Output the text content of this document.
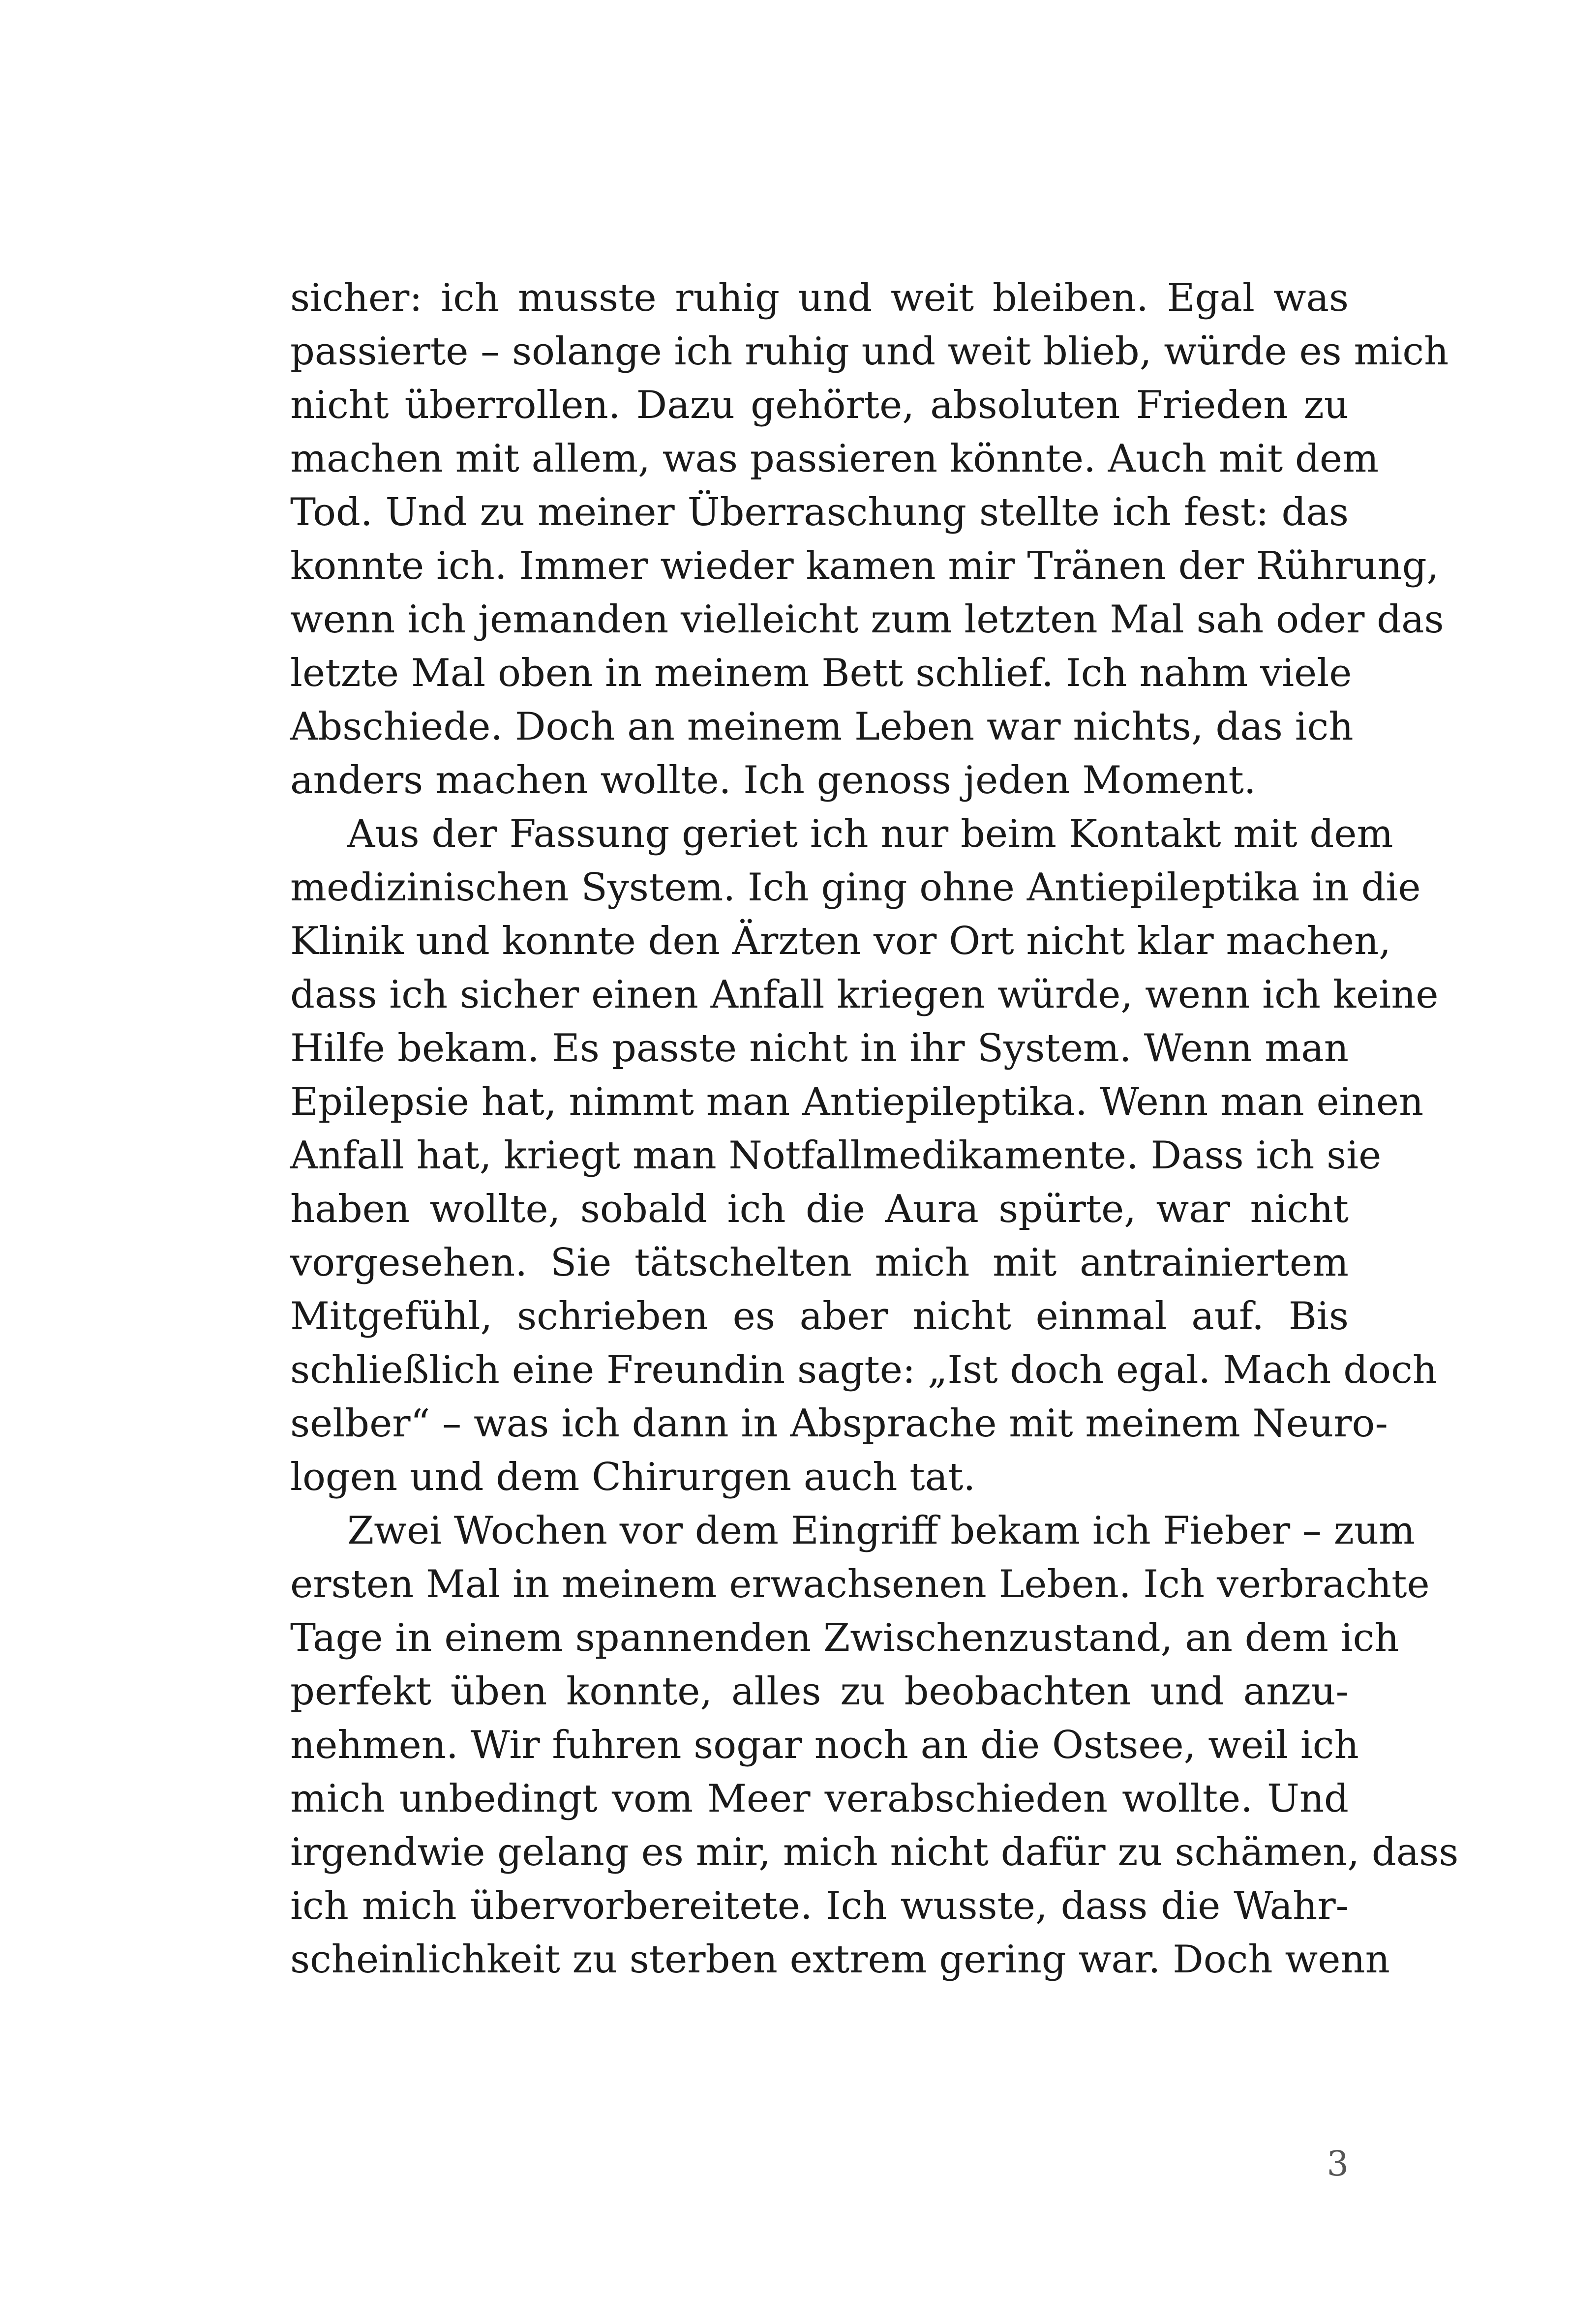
sicher: ich musste ruhig und weit bleiben. Egal was
passierte – solange ich ruhig und weit blieb, würde es mich
nicht überrollen. Dazu gehörte, absoluten Frieden zu
machen mit allem, was passieren könnte. Auch mit dem
Tod. Und zu meiner Überraschung stellte ich fest: das
konnte ich. Immer wieder kamen mir Tränen der Rührung,
wenn ich jemanden vielleicht zum letzten Mal sah oder das
letzte Mal oben in meinem Bett schlief. Ich nahm viele
Abschiede. Doch an meinem Leben war nichts, das ich
anders machen wollte. Ich genoss jeden Moment.
Aus der Fassung geriet ich nur beim Kontakt mit dem
medizinischen System. Ich ging ohne Antiepileptika in die
Klinik und konnte den Ärzten vor Ort nicht klar machen,
dass ich sicher einen Anfall kriegen würde, wenn ich keine
Hilfe bekam. Es passte nicht in ihr System. Wenn man
Epilepsie hat, nimmt man Antiepileptika. Wenn man einen
Anfall hat, kriegt man Notfallmedikamente. Dass ich sie
haben wollte, sobald ich die Aura spürte, war nicht
vorgesehen. Sie tätschelten mich mit antrainiertem
Mitgefühl, schrieben es aber nicht einmal auf. Bis
schließlich eine Freundin sagte: „Ist doch egal. Mach doch
selber“ – was ich dann in Absprache mit meinem Neuro-
logen und dem Chirurgen auch tat.
Zwei Wochen vor dem Eingriff bekam ich Fieber – zum
ersten Mal in meinem erwachsenen Leben. Ich verbrachte
Tage in einem spannenden Zwischenzustand, an dem ich
perfekt üben konnte, alles zu beobachten und anzu-
nehmen. Wir fuhren sogar noch an die Ostsee, weil ich
mich unbedingt vom Meer verabschieden wollte. Und
irgendwie gelang es mir, mich nicht dafür zu schämen, dass
ich mich übervorbereitete. Ich wusste, dass die Wahr-
scheinlichkeit zu sterben extrem gering war. Doch wenn
3
